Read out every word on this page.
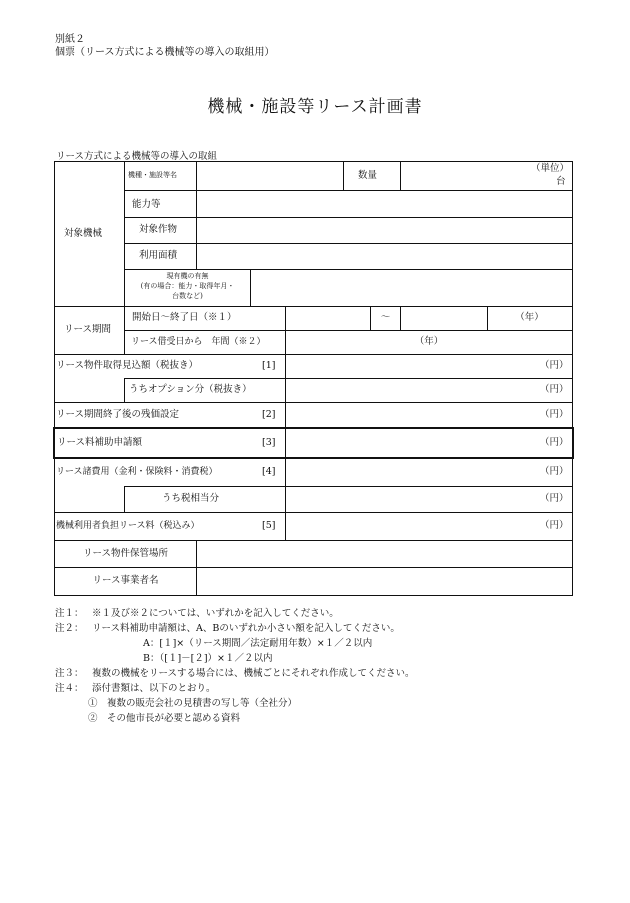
別紙２
個票（リース方式による機械等の導入の取組用）
機械・施設等リース計画書
リース方式による機械等の導入の取組
対象機械
機種・施設等名	数量
（単位）
台
能力等
対象作物
利用面積
現有機の有無
(有の場合：能力・取得年月・
台数など)
リース期間
開始日～終了日（※１）	～	（年）
リース借受日から　年間（※２）	（年）
リース物件取得見込額（税抜き）	[1]	（円）
うちオプション分（税抜き）	（円）
リース期間終了後の残価設定	[2]	（円）
リース料補助申請額	[3]	（円）
リース諸費用（金利・保険料・消費税）	[4]	（円）
うち税相当分	（円）
機械利用者負担リース料（税込み）	[5]	（円）
リース物件保管場所
リース事業者名
注１： ※１及び※２については、いずれかを記入してください。
注２： リース料補助申請額は、A、Bのいずれか小さい額を記入してください。
A：[１]×（リース期間／法定耐用年数）×１／２以内
B：（[１]－[２]）×１／２以内
注３： 複数の機械をリースする場合には、機械ごとにそれぞれ作成してください。
注４： 添付書類は、以下のとおり。
①　複数の販売会社の見積書の写し等（全社分）
②　その他市長が必要と認める資料
